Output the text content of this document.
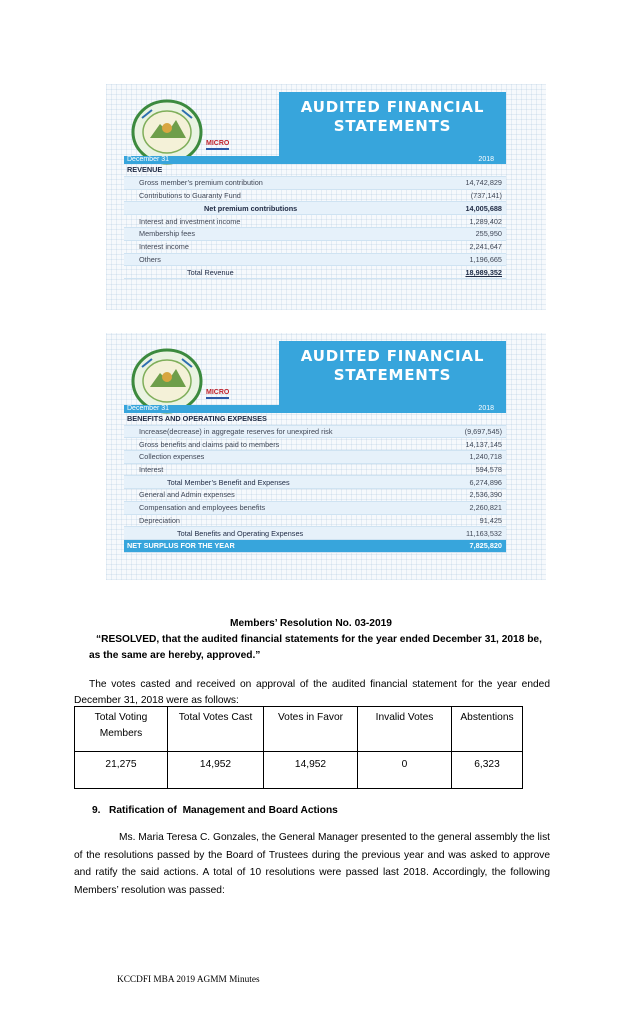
MICRO
AUDITED FINANCIAL
STATEMENTS
December 31	2018
REVENUE
Gross member’s premium contribution	14,742,829
Contributions to Guaranty Fund	(737,141)
Net premium contributions	14,005,688
Interest and investment income	1,289,402
Membership fees	255,950
Interest income	2,241,647
Others	1,196,665
Total Revenue	18,989,352
MICRO
AUDITED FINANCIAL
STATEMENTS
December 31	2018
BENEFITS AND OPERATING EXPENSES
Increase(decrease) in aggregate reserves for unexpired risk	(9,697,545)
Gross benefits and claims paid to members	14,137,145
Collection expenses	1,240,718
Interest	594,578
Total Member’s Benefit and Expenses	6,274,896
General and Admin expenses	2,536,390
Compensation and employees benefits	2,260,821
Depreciation	91,425
Total Benefits and Operating Expenses	11,163,532
NET SURPLUS FOR THE YEAR	7,825,820
Members’ Resolution No. 03-2019

“RESOLVED, that the audited financial statements for the year ended December 31, 2018 be, as the same are hereby, approved.”

The votes casted and received on approval of the audited financial statement for the year ended December 31, 2018 were as follows:

Total Voting Members	Total Votes Cast	Votes in Favor	Invalid Votes	Abstentions
21,275	14,952	14,952	0	6,323
9.   Ratification of  Management and Board Actions

Ms. Maria Teresa C. Gonzales, the General Manager presented to the general assembly the list of the resolutions passed by the Board of Trustees during the previous year and was asked to approve and ratify the said actions. A total of 10 resolutions were passed last 2018. Accordingly, the following Members’ resolution was passed:

KCCDFI MBA 2019 AGMM Minutes
